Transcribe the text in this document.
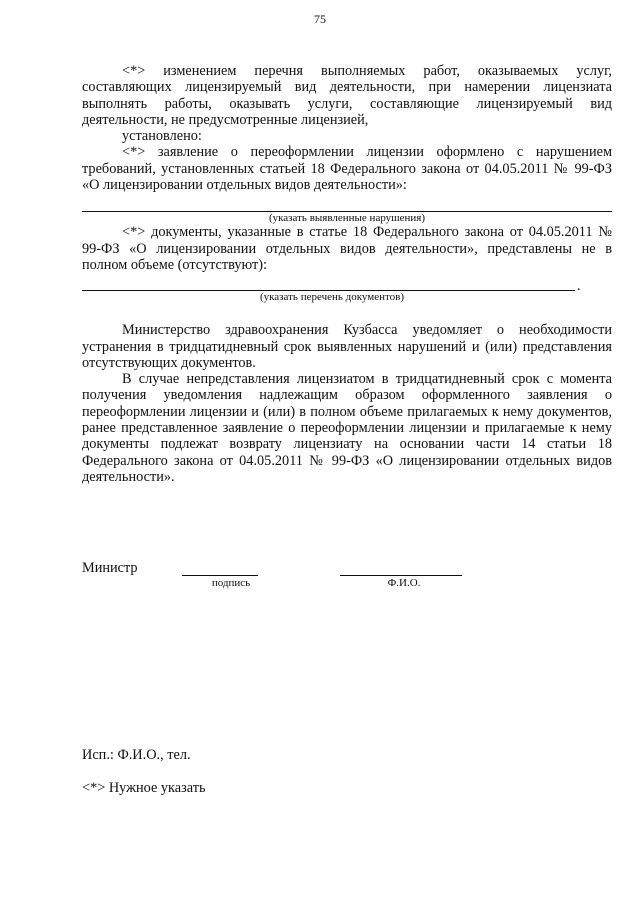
75

<*> изменением перечня выполняемых работ, оказываемых услуг, составляющих лицензируемый вид деятельности, при намерении лицензиата выполнять работы, оказывать услуги, составляющие лицензируемый вид деятельности, не предусмотренные лицензией,

установлено:

<*> заявление о переоформлении лицензии оформлено с нарушением требований, установленных статьей 18 Федерального закона от 04.05.2011 № 99-ФЗ «О лицензировании отдельных видов деятельности»:

(указать выявленные нарушения)

<*> документы, указанные в статье 18 Федерального закона от 04.05.2011 № 99-ФЗ «О лицензировании отдельных видов деятельности», представлены не в полном объеме (отсутствуют):

.
(указать перечень документов)

Министерство здравоохранения Кузбасса уведомляет о необходимости устранения в тридцатидневный срок выявленных нарушений и (или) представления отсутствующих документов.

В случае непредставления лицензиатом в тридцатидневный срок с момента получения уведомления надлежащим образом оформленного заявления о переоформлении лицензии и (или) в полном объеме прилагаемых к нему документов, ранее представленное заявление о переоформлении лицензии и прилагаемые к нему документы подлежат возврату лицензиату на основании части 14 статьи 18 Федерального закона от 04.05.2011 № 99-ФЗ «О лицензировании отдельных видов деятельности».

Министр
подпись	Ф.И.О.
Исп.: Ф.И.О., тел.
<*> Нужное указать
